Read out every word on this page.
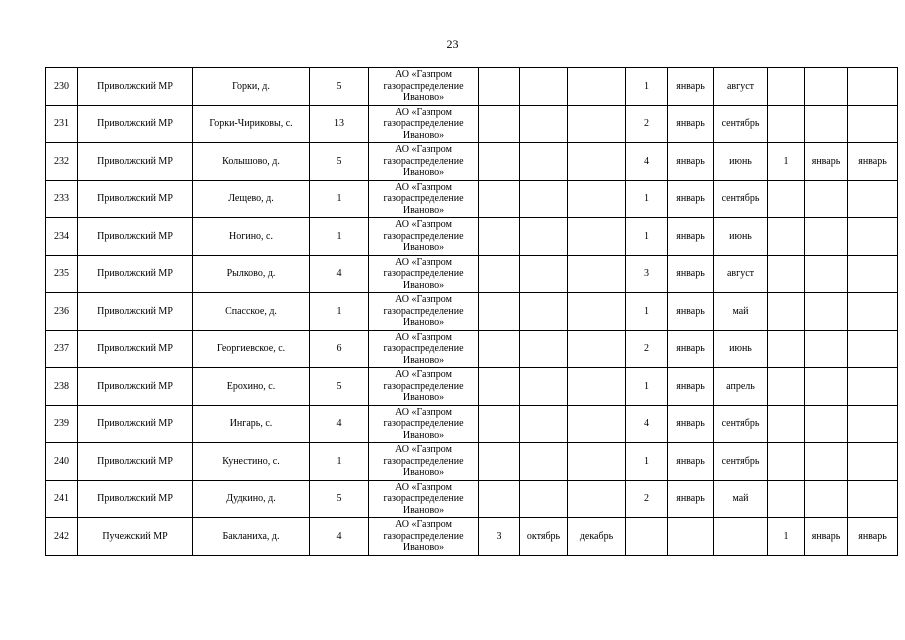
23
230	Приволжский МР	Горки, д.	5	АО «Газпром газораспределение Иваново»				1	январь	август			
231	Приволжский МР	Горки-Чириковы, с.	13	АО «Газпром газораспределение Иваново»				2	январь	сентябрь			
232	Приволжский МР	Колышово, д.	5	АО «Газпром газораспределение Иваново»				4	январь	июнь	1	январь	январь
233	Приволжский МР	Лещево, д.	1	АО «Газпром газораспределение Иваново»				1	январь	сентябрь			
234	Приволжский МР	Ногино, с.	1	АО «Газпром газораспределение Иваново»				1	январь	июнь			
235	Приволжский МР	Рылково, д.	4	АО «Газпром газораспределение Иваново»				3	январь	август			
236	Приволжский МР	Спасское, д.	1	АО «Газпром газораспределение Иваново»				1	январь	май			
237	Приволжский МР	Георгиевское, с.	6	АО «Газпром газораспределение Иваново»				2	январь	июнь			
238	Приволжский МР	Ерохино, с.	5	АО «Газпром газораспределение Иваново»				1	январь	апрель			
239	Приволжский МР	Ингарь, с.	4	АО «Газпром газораспределение Иваново»				4	январь	сентябрь			
240	Приволжский МР	Кунестино, с.	1	АО «Газпром газораспределение Иваново»				1	январь	сентябрь			
241	Приволжский МР	Дудкино, д.	5	АО «Газпром газораспределение Иваново»				2	январь	май			
242	Пучежский МР	Бакланиха, д.	4	АО «Газпром газораспределение Иваново»	3	октябрь	декабрь				1	январь	январь
